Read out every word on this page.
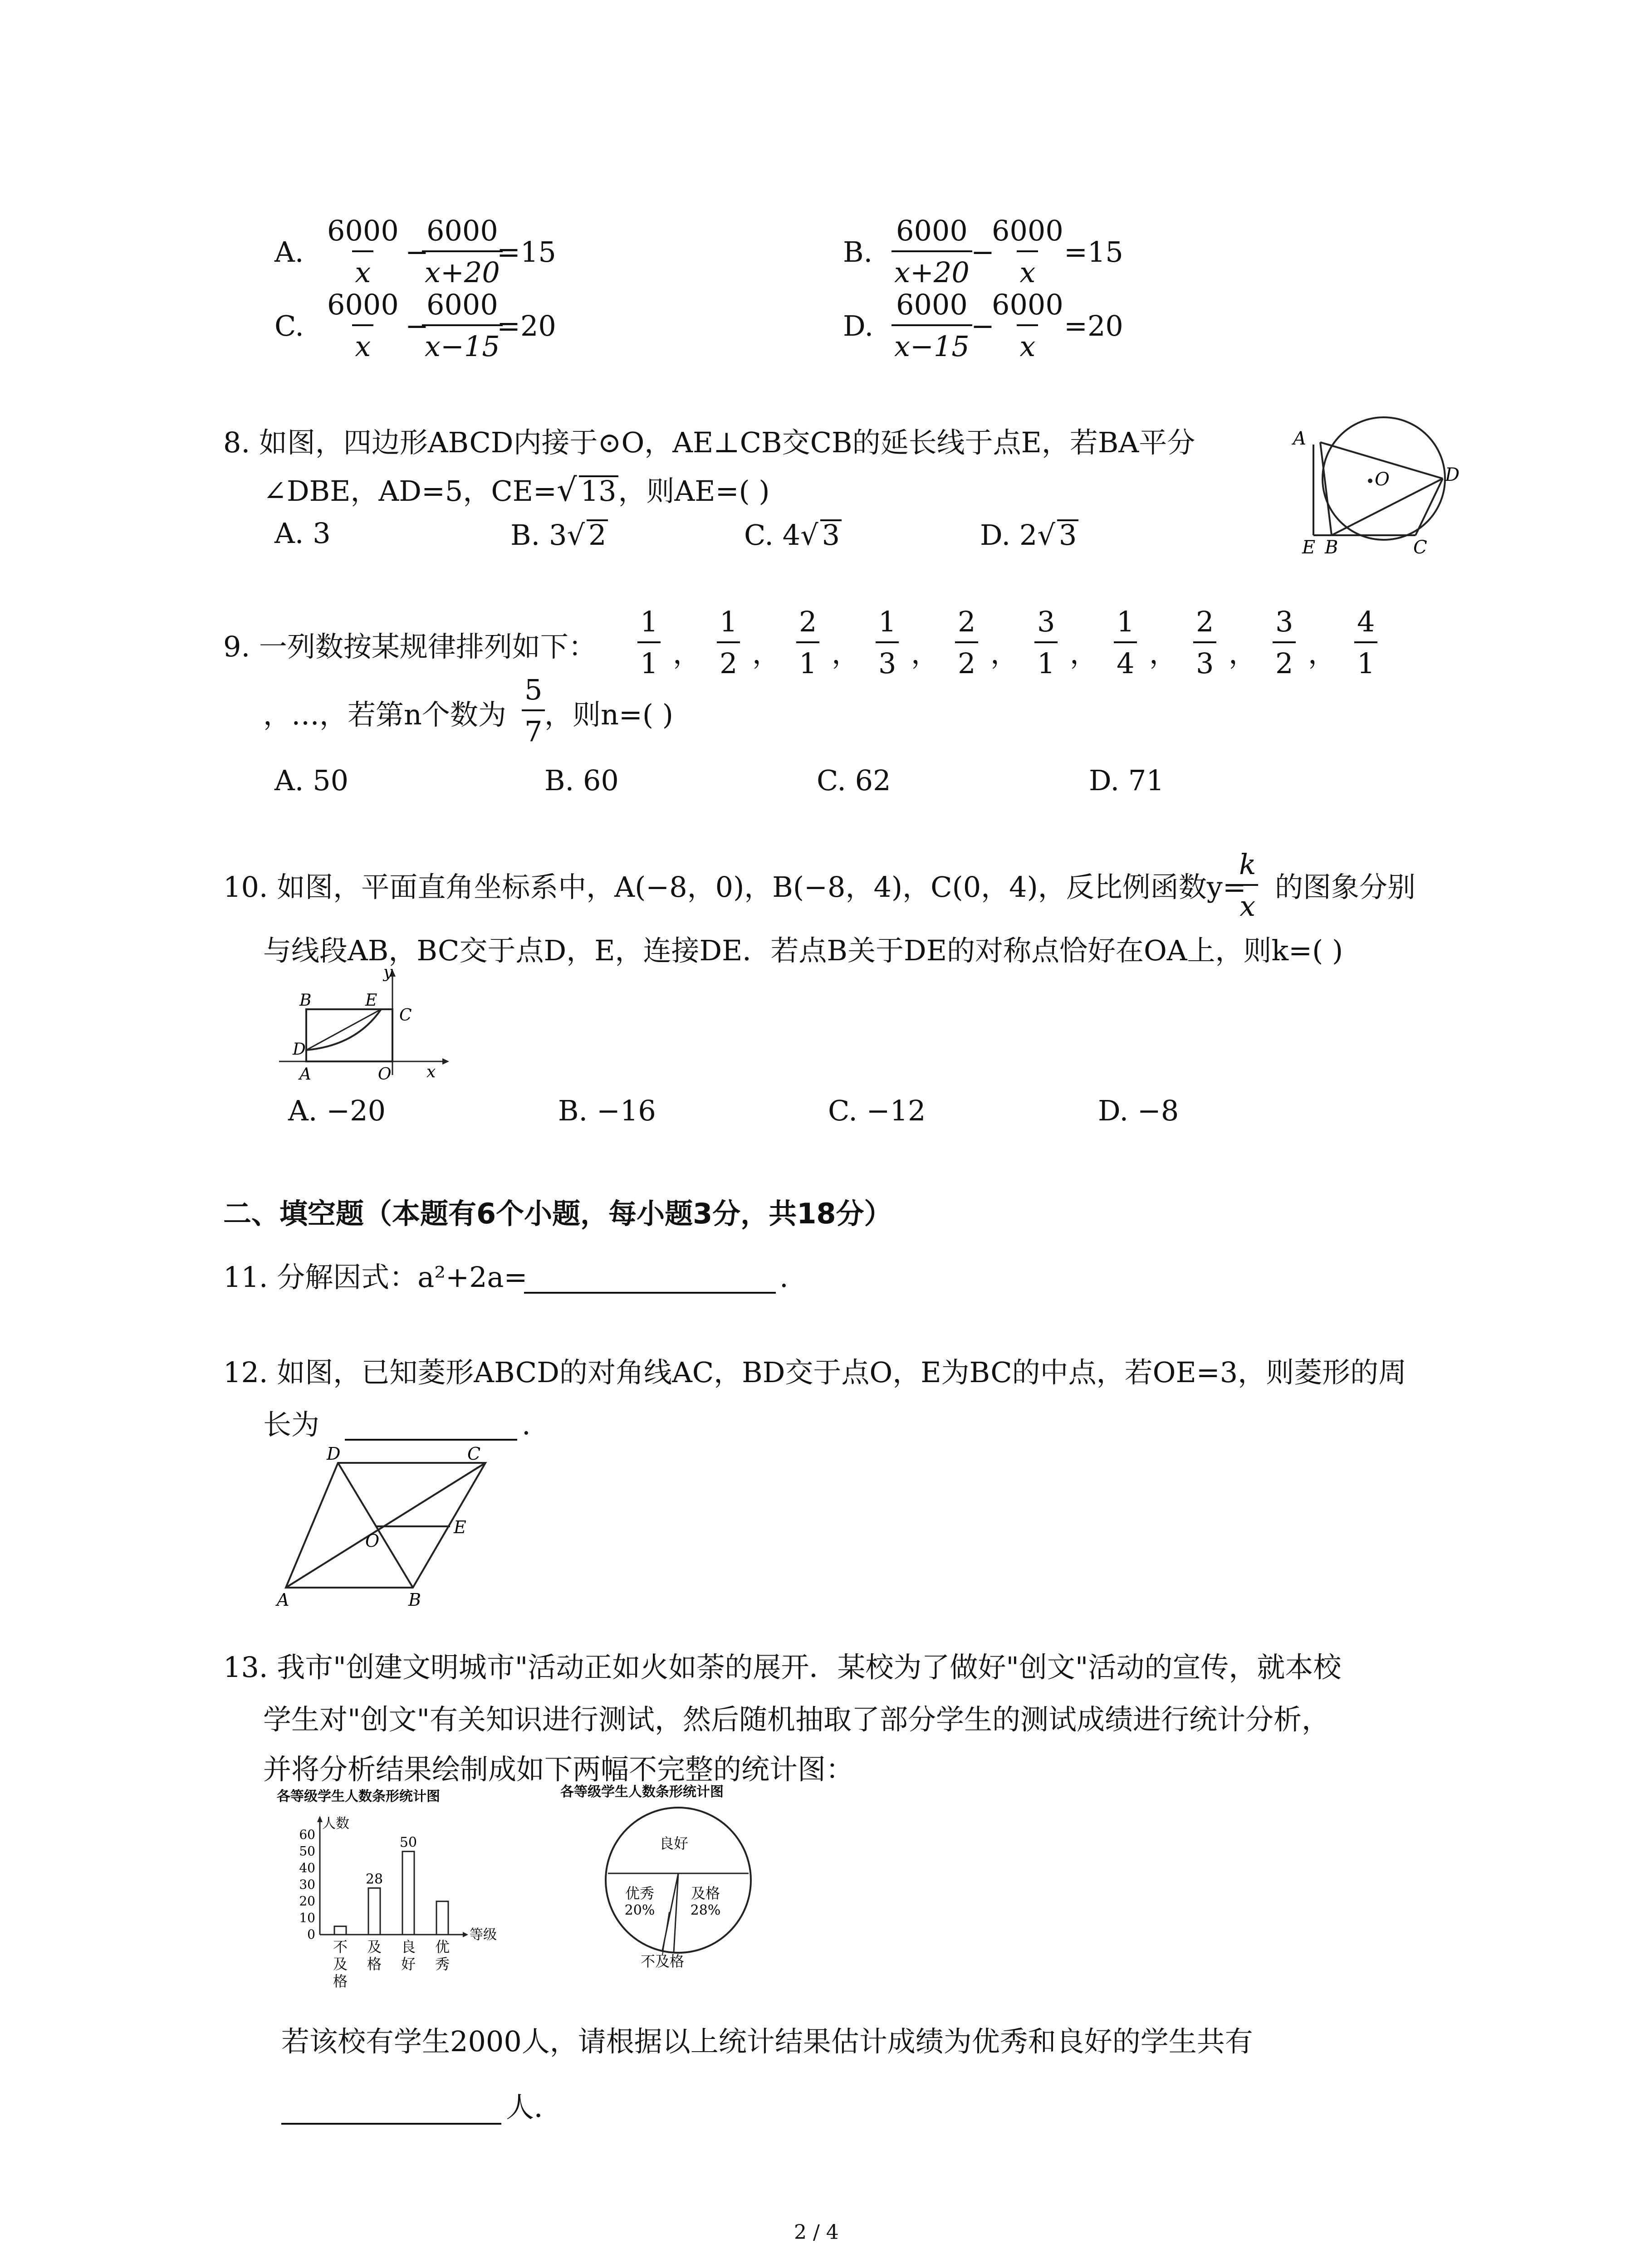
A. $\frac{6000}{x}$ −
$\frac{6000}{x+20}$
=15	B. $\frac{6000}{x+20}$
−
$\frac{6000}{x}$
=15
C. $\frac{6000}{x}$ −
$\frac{6000}{x-15}$
=20	D. $\frac{6000}{x-15}$
−
$\frac{6000}{x}$
=20
8. 如图，四边形ABCD内接于⊙O，AE⊥CB交CB的延长线于点E，若BA平分
∠DBE，AD=5，CE=√ 13，则AE=( )
A. 3	B. 3√ 2	C. 4√ 3	D. 2√ 3
A
D
O
E B	C
9. 一列数按某规律排列如下： $\frac{1}{1}$ ， $\frac{1}{2}$ ， $\frac{2}{1}$ ， $\frac{1}{3}$ ， $\frac{2}{2}$ ， $\frac{3}{1}$ ， $\frac{1}{4}$ ， $\frac{2}{3}$ ， $\frac{3}{2}$ ， $\frac{4}{1}$
，…，若第n个数为 $\frac{5}{7}$
，则n=( )
A. 50	B. 60	C. 62	D. 71
10. 如图，平面直角坐标系中，A(−8，0)，B(−8，4)，C(0，4)，反比例函数y=
$\frac{k}{x}$ 的图象分别
与线段AB，BC交于点D，E，连接DE．若点B关于DE的对称点恰好在OA上，则k=( )
y
B	E
C
D
A	O x
A. −20	B. −16	C. −12	D. −8
二、填空题（本题有6个小题，每小题3分，共18分）
11. 分解因式：a²+2a=	.
12. 如图，已知菱形ABCD的对角线AC，BD交于点O，E为BC的中点，若OE=3，则菱形的周
长为	.
D	C
O
E
A	B
13. 我市"创建文明城市"活动正如火如荼的展开．某校为了做好"创文"活动的宣传，就本校
学生对"创文"有关知识进行测试，然后随机抽取了部分学生的测试成绩进行统计分析，
并将分析结果绘制成如下两幅不完整的统计图：
各等级学生人数条形统计图
人数
等级
0
10
20
30
40
50
60
不
及
格
28
及
格
50
良
好
优
秀
各等级学生人数条形统计图
良好
优秀
20%
及格
28%
不及格
若该校有学生2000人，请根据以上统计结果估计成绩为优秀和良好的学生共有
人．
2 / 4
